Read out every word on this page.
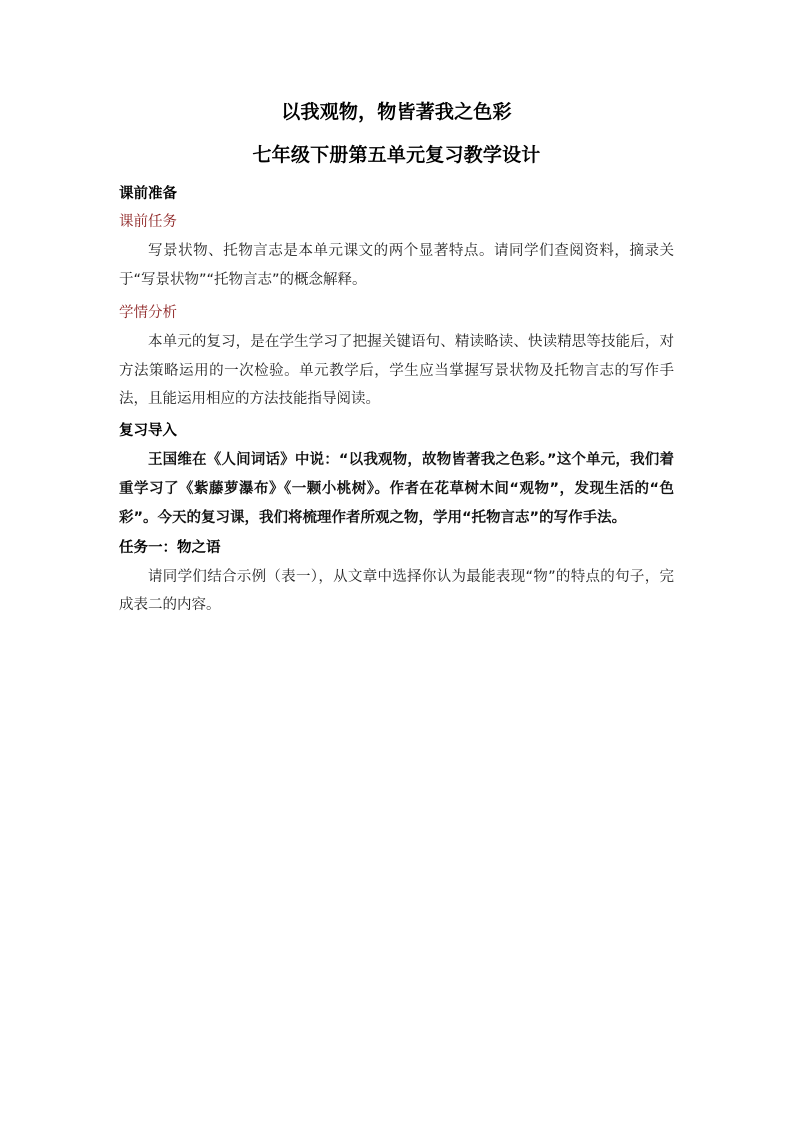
以我观物，物皆著我之色彩
七年级下册第五单元复习教学设计
课前准备
课前任务
写景状物、托物言志是本单元课文的两个显著特点。请同学们查阅资料，摘录关于“写景状物”“托物言志”的概念解释。
学情分析
本单元的复习，是在学生学习了把握关键语句、精读略读、快读精思等技能后，对方法策略运用的一次检验。单元教学后，学生应当掌握写景状物及托物言志的写作手法，且能运用相应的方法技能指导阅读。
复习导入
王国维在《人间词话》中说：“以我观物，故物皆著我之色彩。”这个单元，我们着重学习了《紫藤萝瀑布》《一颗小桃树》。作者在花草树木间“观物”，发现生活的“色彩”。今天的复习课，我们将梳理作者所观之物，学用“托物言志”的写作手法。
任务一：物之语
请同学们结合示例（表一），从文章中选择你认为最能表现“物”的特点的句子，完成表二的内容。
